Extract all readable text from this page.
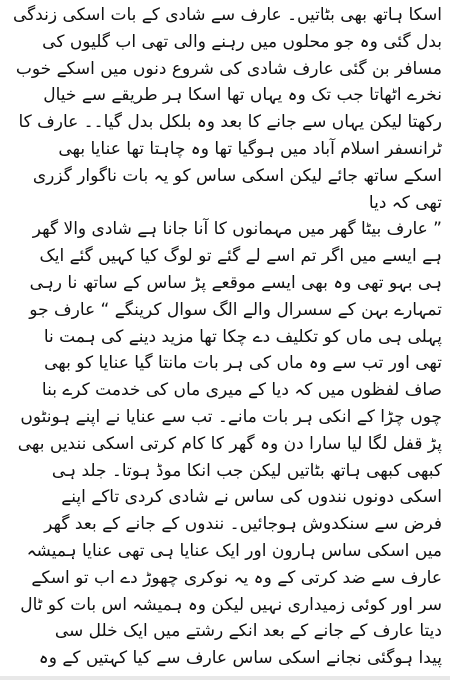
اسکا ہاتھ بھی بٹاتیں۔ عارف سے شادی کے بات اسکی زندگی
بدل گئی وہ جو محلوں میں رہنے والی تھی اب گلیوں کی
مسافر بن گئی عارف شادی کی شروع دنوں میں اسکے خوب
نخرے اٹھاتا جب تک وہ یہاں تھا اسکا ہر طریقے سے خیال
رکھتا لیکن یہاں سے جانے کا بعد وہ بلکل بدل گیا۔۔ عارف کا
ٹرانسفر اسلام آباد میں ہوگیا تھا وہ چاہتا تھا عنایا بھی
اسکے ساتھ جائے لیکن اسکی ساس کو یہ بات ناگوار گزری
تھی کہ دیا
” عارف بیٹا گھر میں مہمانوں کا آنا جانا ہے شادی والا گھر
ہے ایسے میں اگر تم اسے لے گئے تو لوگ کیا کہیں گئے ایک
ہی بہو تھی وہ بھی ایسے موقعے پڑ ساس کے ساتھ نا رہی
تمہارے بہن کے سسرال والے الگ سوال کرینگے “ عارف جو
پہلی ہی ماں کو تکلیف دے چکا تھا مزید دینے کی ہمت نا
تھی اور تب سے وہ ماں کی ہر بات مانتا گیا عنایا کو بھی
صاف لفظوں میں کہ دیا کے میری ماں کی خدمت کرے بنا
چوں چڑا کے انکی ہر بات مانے۔ تب سے عنایا نے اپنے ہونٹوں
پڑ قفل لگا لیا سارا دن وہ گھر کا کام کرتی اسکی نندیں بھی
کبھی کبھی ہاتھ بٹاتیں لیکن جب انکا موڈ ہوتا۔ جلد ہی
اسکی دونوں نندوں کی ساس نے شادی کردی تاکے اپنے
فرض سے سنکدوش ہوجائیں۔ نندوں کے جانے کے بعد گھر
میں اسکی ساس ہارون اور ایک عنایا ہی تھی عنایا ہمیشہ
عارف سے ضد کرتی کے وہ یہ نوکری چھوڑ دے اب تو اسکے
سر اور کوئی زمیداری نہیں لیکن وہ ہمیشہ اس بات کو ٹال
دیتا عارف کے جانے کے بعد انکے رشتے میں ایک خلل سی
پیدا ہوگئی نجانے اسکی ساس عارف سے کیا کہتیں کے وہ
